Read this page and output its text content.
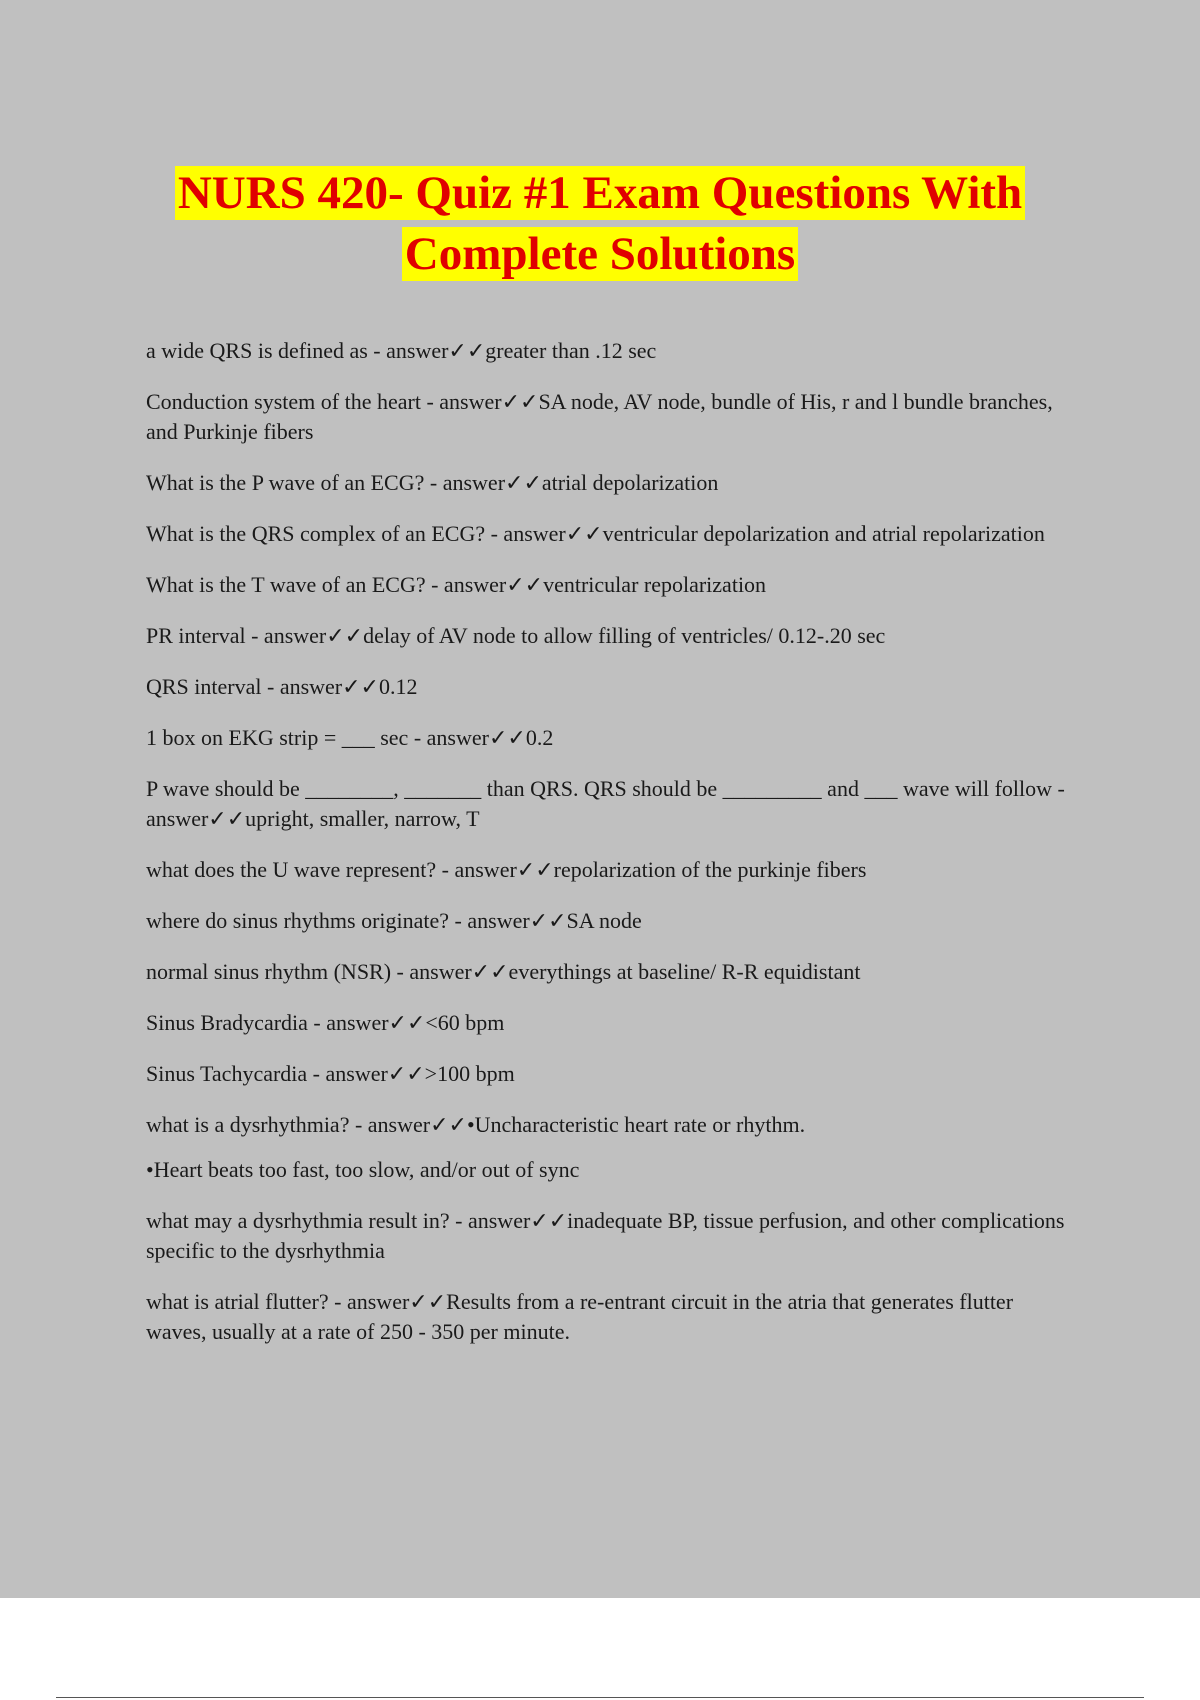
NURS 420- Quiz #1 Exam Questions With
Complete Solutions

a wide QRS is defined as - answer✓✓greater than .12 sec

Conduction system of the heart - answer✓✓SA node, AV node, bundle of His, r and l bundle branches, and Purkinje fibers

What is the P wave of an ECG? - answer✓✓atrial depolarization

What is the QRS complex of an ECG? - answer✓✓ventricular depolarization and atrial repolarization

What is the T wave of an ECG? - answer✓✓ventricular repolarization

PR interval - answer✓✓delay of AV node to allow filling of ventricles/ 0.12-.20 sec

QRS interval - answer✓✓0.12

1 box on EKG strip = ___ sec - answer✓✓0.2

P wave should be ________, _______ than QRS. QRS should be _________ and ___ wave will follow - answer✓✓upright, smaller, narrow, T

what does the U wave represent? - answer✓✓repolarization of the purkinje fibers

where do sinus rhythms originate? - answer✓✓SA node

normal sinus rhythm (NSR) - answer✓✓everythings at baseline/ R-R equidistant

Sinus Bradycardia - answer✓✓<60 bpm

Sinus Tachycardia - answer✓✓>100 bpm

what is a dysrhythmia? - answer✓✓•Uncharacteristic heart rate or rhythm.

•Heart beats too fast, too slow, and/or out of sync

what may a dysrhythmia result in? - answer✓✓inadequate BP, tissue perfusion, and other complications specific to the dysrhythmia

what is atrial flutter? - answer✓✓Results from a re-entrant circuit in the atria that generates flutter waves, usually at a rate of 250 - 350 per minute.
